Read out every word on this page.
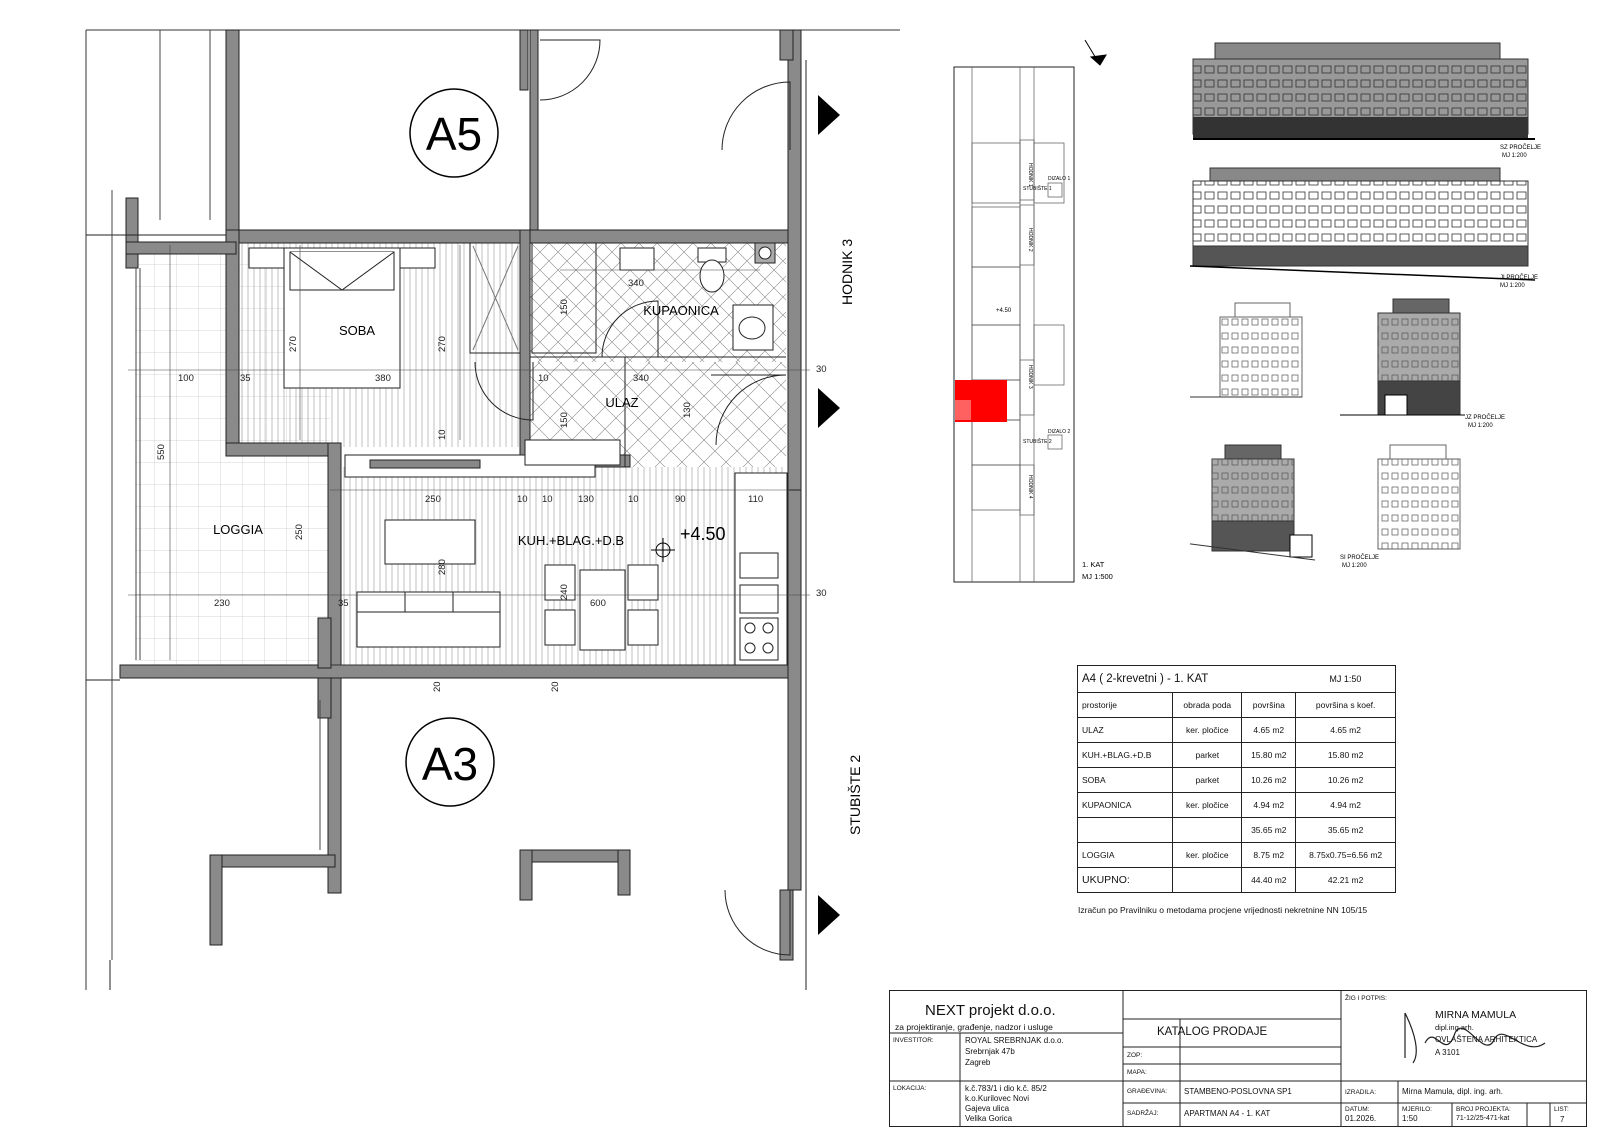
A5
A3
SOBA
KUPAONICA
ULAZ
LOGGIA
KUH.+BLAG.+D.B	+4.50
HODNIK 3
STUBIŠTE 2
100	35	380	10
340
270	270
150
340
150
130
10
550
250	10 10	130	10	90	110
250
280
240
600
230	35
30
30
20	20
HODNIK 1
HODNIK 2
HODNIK 3
HODNIK 4
STUBIŠTE 1
STUBIŠTE 2
DIZALO 1
DIZALO 2
+4.50
1. KAT
MJ 1:500
SZ PROČELJE
MJ 1:200
JI PROČELJE
MJ 1:200
JZ PROČELJE
MJ 1:200
SI PROČELJE
MJ 1:200
A4 ( 2-krevetni ) - 1. KAT			MJ 1:50
prostorije	obrada poda	površina	površina s koef.
ULAZ	ker. pločice	4.65 m2	4.65 m2
KUH.+BLAG.+D.B	parket	15.80 m2	15.80 m2
SOBA	parket	10.26 m2	10.26 m2
KUPAONICA	ker. pločice	4.94 m2	4.94 m2
		35.65 m2	35.65 m2
LOGGIA	ker. pločice	8.75 m2	8.75x0.75=6.56 m2
UKUPNO:		44.40 m2	42.21 m2
Izračun po Pravilniku o metodama procjene vrijednosti nekretnine NN 105/15
NEXT projekt d.o.o.
za projektiranje, građenje, nadzor i usluge	KATALOG PRODAJE
INVESTITOR:	ROYAL SREBRNJAK d.o.o.
Srebrnjak 47b
Zagreb
LOKACIJA:	k.č.783/1 i dio k.č. 85/2
k.o.Kurilovec Novi
Gajeva ulica
Velika Gorica
ZOP:
MAPA:
GRAĐEVINA: STAMBENO-POSLOVNA SP1
SADRŽAJ:	APARTMAN A4 - 1. KAT
ŽIG I POTPIS:
MIRNA MAMULA
dipl.ing.arh.
OVLAŠTENA ARHITEKTICA
A 3101
IZRADILA:	Mirna Mamula, dipl. ing. arh.
DATUM:
01.2026.
MJERILO:
1:50
BROJ PROJEKTA:
71-12/25-471-kat
LIST:
7
